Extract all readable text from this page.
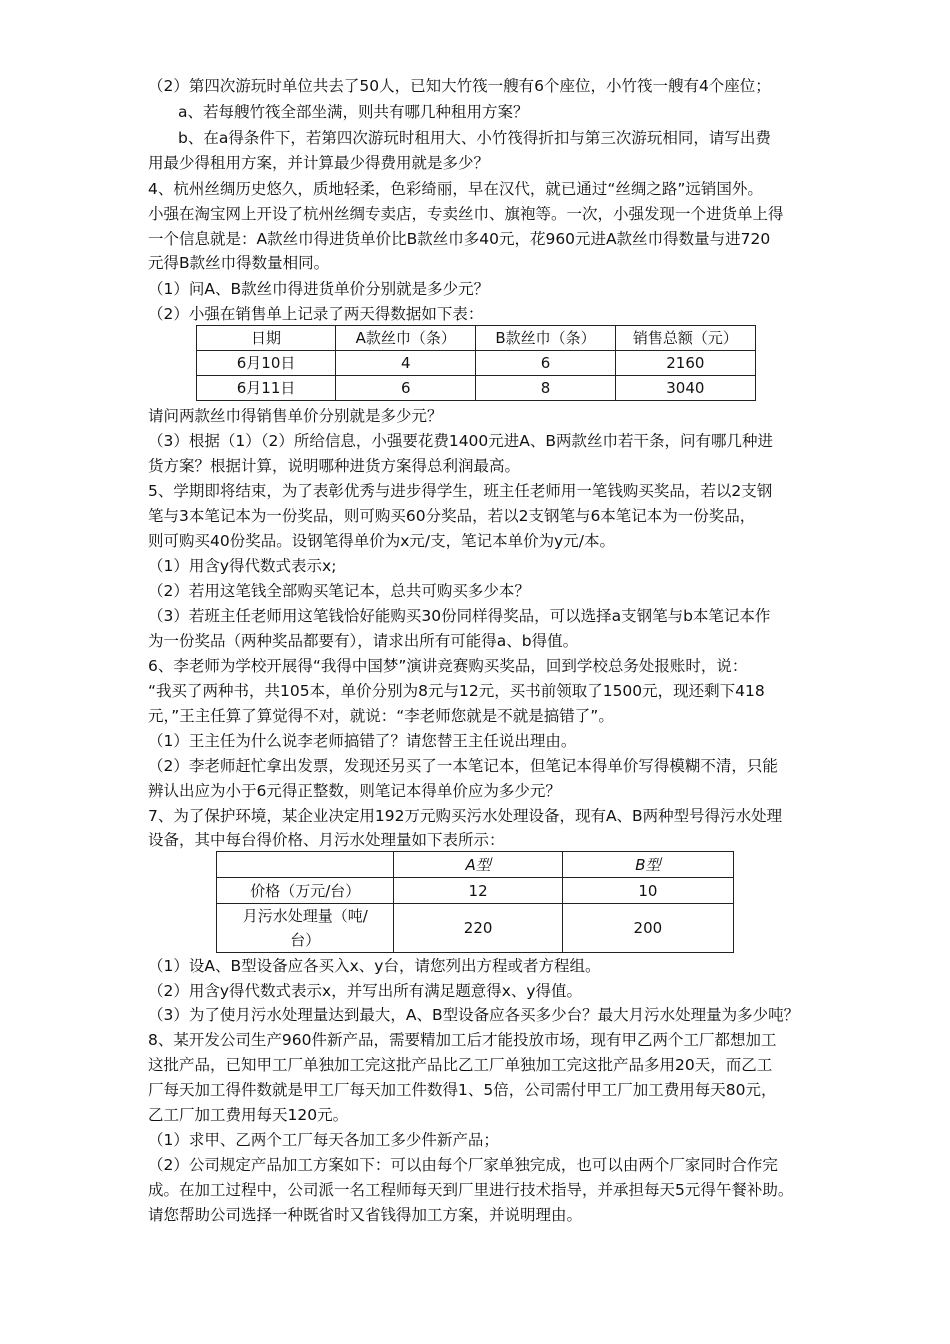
（2）第四次游玩时单位共去了50人，已知大竹筏一艘有6个座位，小竹筏一艘有4个座位；
a、若每艘竹筏全部坐满，则共有哪几种租用方案？
b、在a得条件下，若第四次游玩时租用大、小竹筏得折扣与第三次游玩相同，请写出费
用最少得租用方案，并计算最少得费用就是多少？
4、杭州丝绸历史悠久，质地轻柔，色彩绮丽，早在汉代，就已通过“丝绸之路”远销国外。
小强在淘宝网上开设了杭州丝绸专卖店，专卖丝巾、旗袍等。一次，小强发现一个进货单上得
一个信息就是：A款丝巾得进货单价比B款丝巾多40元，花960元进A款丝巾得数量与进720
元得B款丝巾得数量相同。
（1）问A、B款丝巾得进货单价分别就是多少元？
（2）小强在销售单上记录了两天得数据如下表：
日期	A款丝巾（条）	B款丝巾（条）	销售总额（元）
6月10日	4	6	2160
6月11日	6	8	3040
请问两款丝巾得销售单价分别就是多少元？
（3）根据（1）（2）所给信息，小强要花费1400元进A、B两款丝巾若干条，问有哪几种进
货方案？根据计算，说明哪种进货方案得总利润最高。
5、学期即将结束，为了表彰优秀与进步得学生，班主任老师用一笔钱购买奖品，若以2支钢
笔与3本笔记本为一份奖品，则可购买60分奖品，若以2支钢笔与6本笔记本为一份奖品，
则可购买40份奖品。设钢笔得单价为x元/支，笔记本单价为y元/本。
（1）用含y得代数式表示x;
（2）若用这笔钱全部购买笔记本，总共可购买多少本？
（3）若班主任老师用这笔钱恰好能购买30份同样得奖品，可以选择a支钢笔与b本笔记本作
为一份奖品（两种奖品都要有），请求出所有可能得a、b得值。
6、李老师为学校开展得“我得中国梦”演讲竞赛购买奖品，回到学校总务处报账时，说：
“我买了两种书，共105本，单价分别为8元与12元，买书前领取了1500元，现还剩下418
元，”王主任算了算觉得不对，就说：“李老师您就是不就是搞错了”。
（1）王主任为什么说李老师搞错了？请您替王主任说出理由。
（2）李老师赶忙拿出发票，发现还另买了一本笔记本，但笔记本得单价写得模糊不清，只能
辨认出应为小于6元得正整数，则笔记本得单价应为多少元？
7、为了保护环境，某企业决定用192万元购买污水处理设备，现有A、B两种型号得污水处理
设备，其中每台得价格、月污水处理量如下表所示：
	A型	B型
价格（万元/台）	12	10
月污水处理量（吨/台）	220	200
（1）设A、B型设备应各买入x、y台，请您列出方程或者方程组。
（2）用含y得代数式表示x，并写出所有满足题意得x、y得值。
（3）为了使月污水处理量达到最大，A、B型设备应各买多少台？最大月污水处理量为多少吨？
8、某开发公司生产960件新产品，需要精加工后才能投放市场，现有甲乙两个工厂都想加工
这批产品，已知甲工厂单独加工完这批产品比乙工厂单独加工完这批产品多用20天，而乙工
厂每天加工得件数就是甲工厂每天加工件数得1、5倍，公司需付甲工厂加工费用每天80元，
乙工厂加工费用每天120元。
（1）求甲、乙两个工厂每天各加工多少件新产品；
（2）公司规定产品加工方案如下：可以由每个厂家单独完成，也可以由两个厂家同时合作完
成。在加工过程中，公司派一名工程师每天到厂里进行技术指导，并承担每天5元得午餐补助。
请您帮助公司选择一种既省时又省钱得加工方案，并说明理由。
